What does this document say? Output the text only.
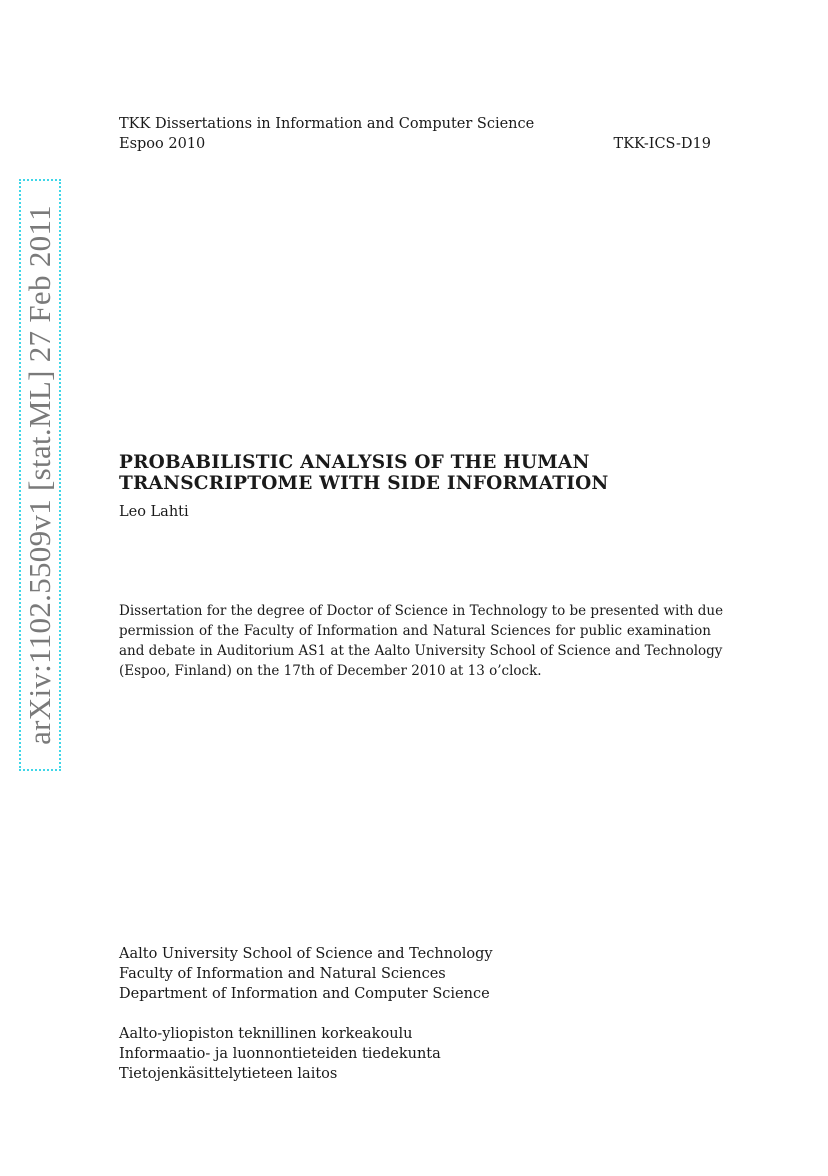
TKK Dissertations in Information and Computer Science
Espoo 2010	TKK-ICS-D19
arXiv:1102.5509v1 [stat.ML] 27 Feb 2011	PROBABILISTIC ANALYSIS OF THE HUMAN
TRANSCRIPTOME WITH SIDE INFORMATION
Leo Lahti
Dissertation for the degree of Doctor of Science in Technology to be presented with due
permission of the Faculty of Information and Natural Sciences for public examination
and debate in Auditorium AS1 at the Aalto University School of Science and Technology
(Espoo, Finland) on the 17th of December 2010 at 13 o’clock.
Aalto University School of Science and Technology
Faculty of Information and Natural Sciences
Department of Information and Computer Science
Aalto-yliopiston teknillinen korkeakoulu
Informaatio- ja luonnontieteiden tiedekunta
Tietojenkäsittelytieteen laitos
